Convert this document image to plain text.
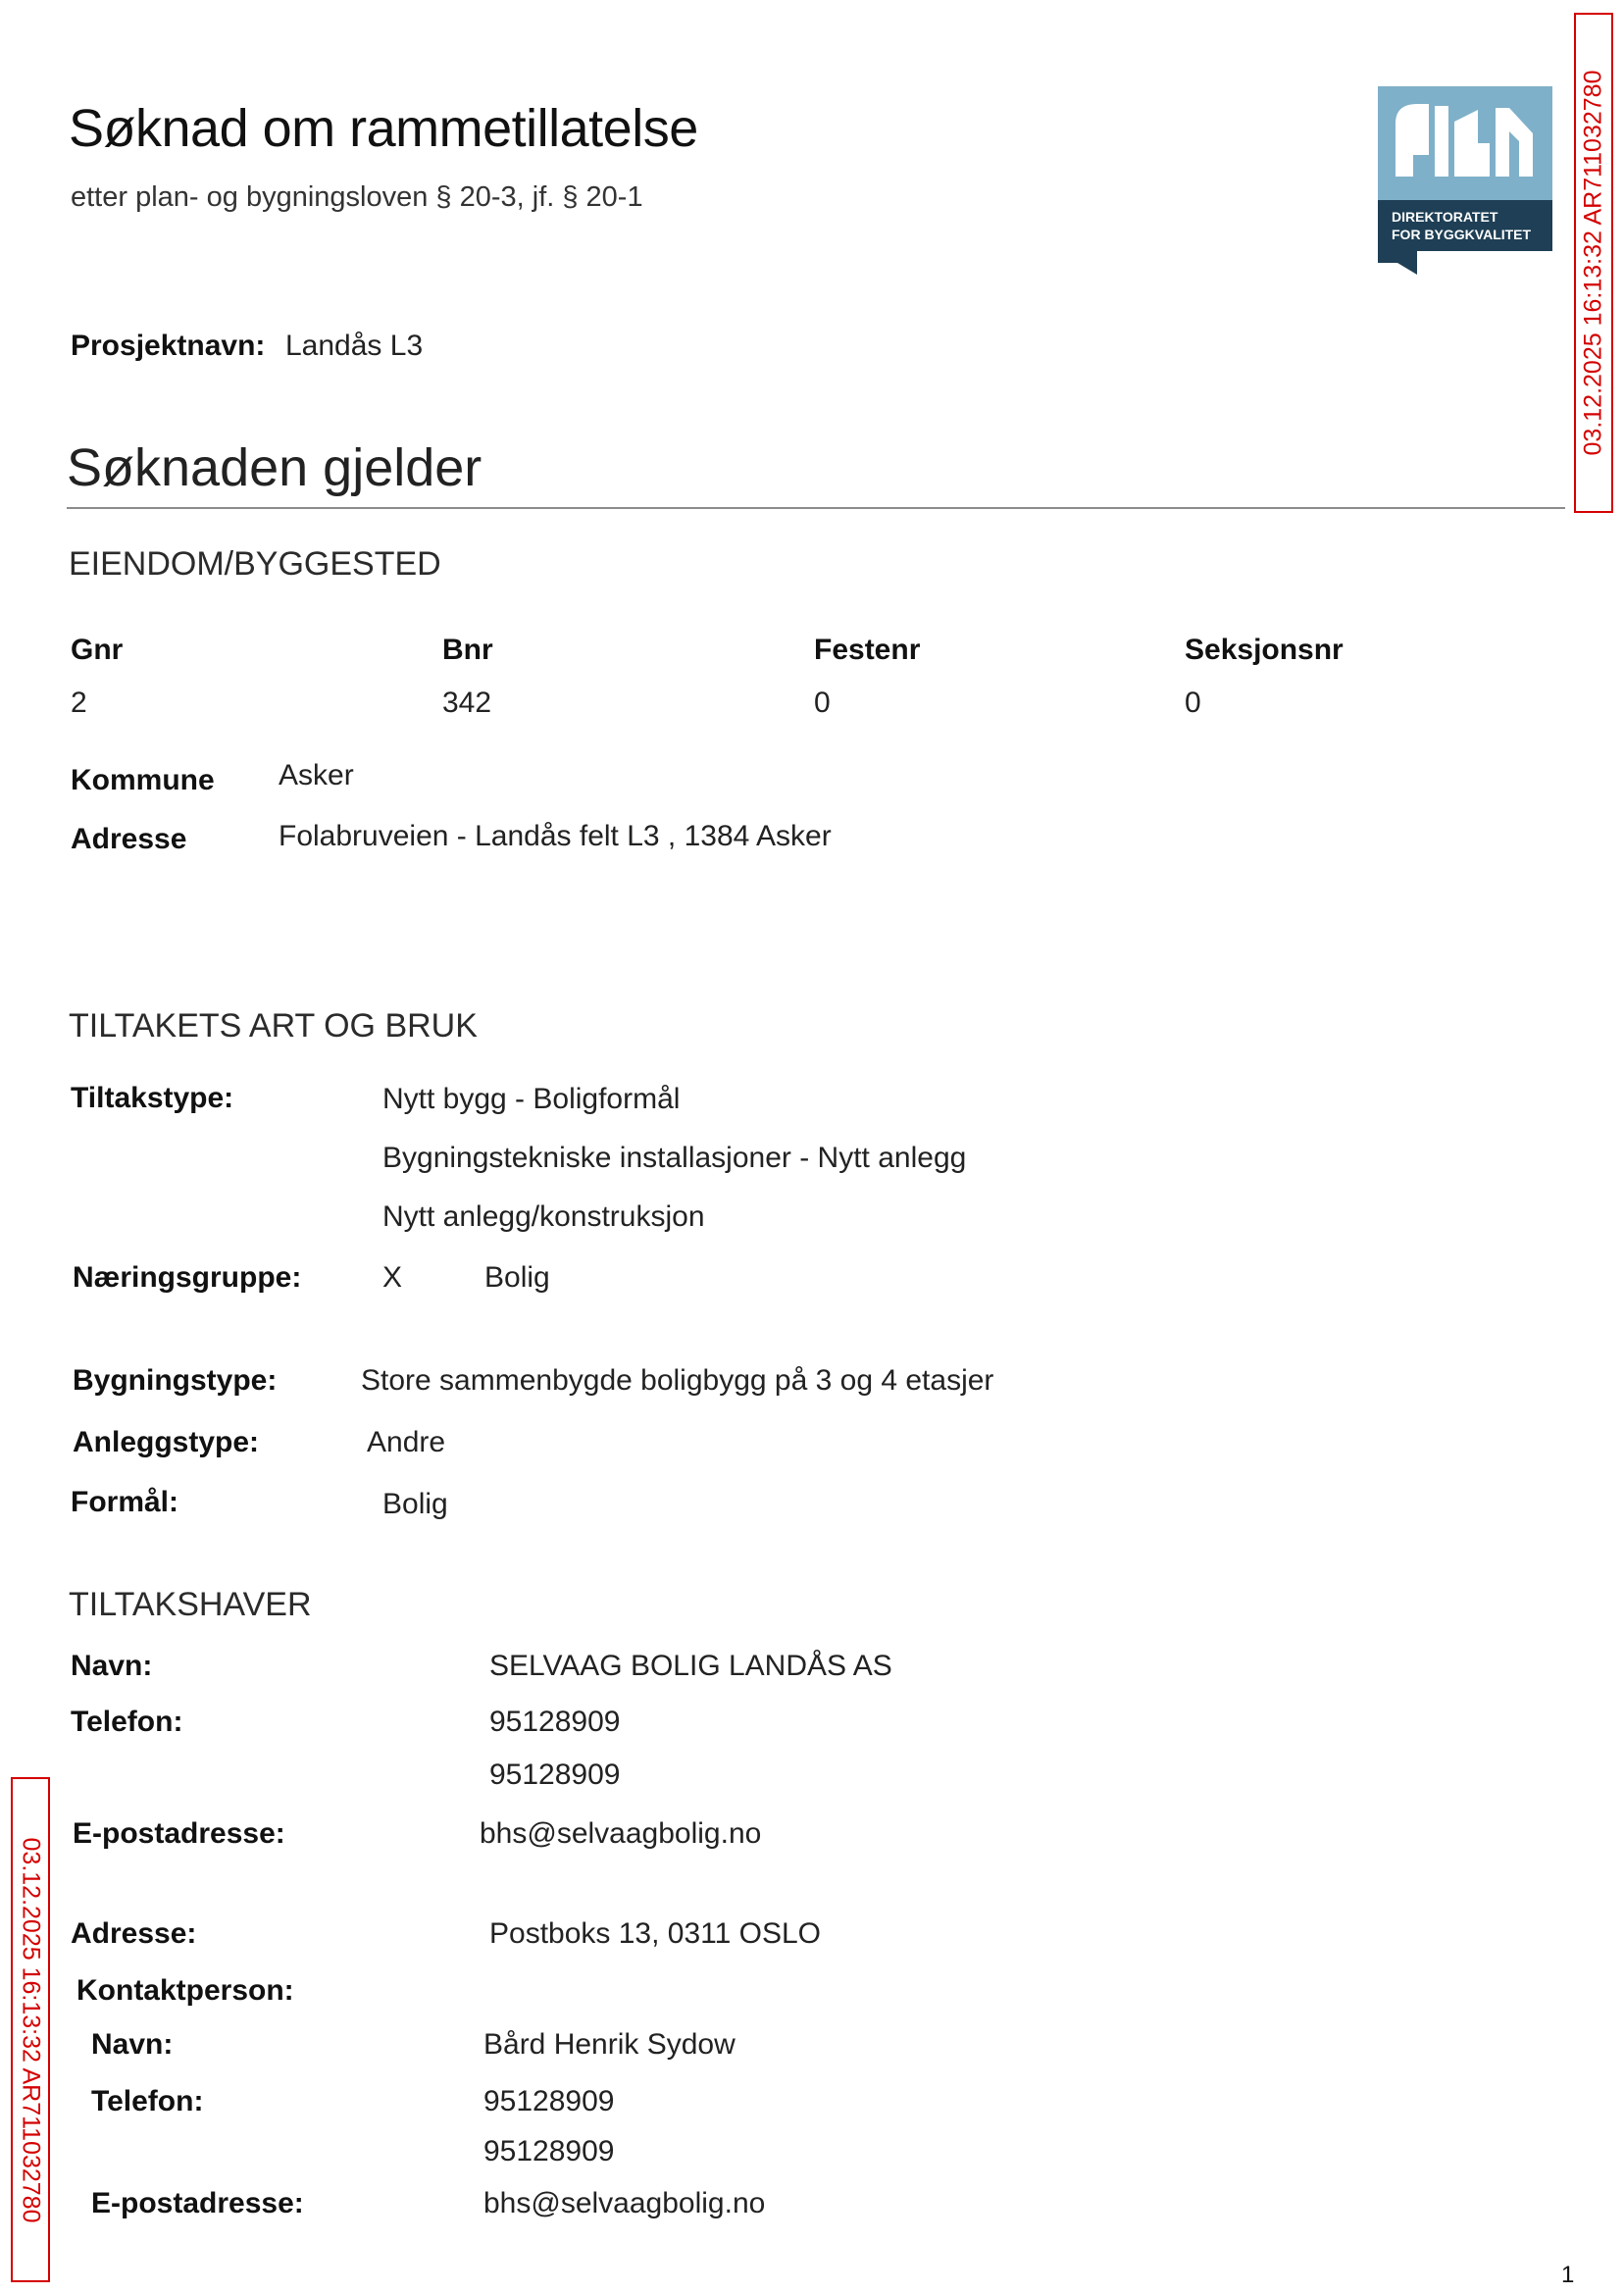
Søknad om rammetillatelse
etter plan- og bygningsloven § 20-3, jf. § 20-1
DIREKTORATET
FOR BYGGKVALITET 03.12.2025 16:13:32 AR711032780
03.12.2025 16:13:32 AR711032780
Prosjektnavn: Landås L3
Søknaden gjelder
EIENDOM/BYGGESTED
Gnr	Bnr	Festenr	Seksjonsnr
2	342	0	0
Kommune Asker
Adresse	Folabruveien - Landås felt L3 , 1384 Asker
TILTAKETS ART OG BRUK
Tiltakstype:	Nytt bygg - Boligformål
Bygningstekniske installasjoner - Nytt anlegg
Nytt anlegg/konstruksjon
Næringsgruppe:	X	Bolig
Bygningstype:	Store sammenbygde boligbygg på 3 og 4 etasjer
Anleggstype:	Andre
Formål:	Bolig
TILTAKSHAVER
Navn:	SELVAAG BOLIG LANDÅS AS
Telefon:	95128909
95128909
E-postadresse:	bhs@selvaagbolig.no
Adresse:	Postboks 13, 0311 OSLO
Kontaktperson:
Navn:	Bård Henrik Sydow
Telefon:	95128909
95128909
E-postadresse:	bhs@selvaagbolig.no
1
